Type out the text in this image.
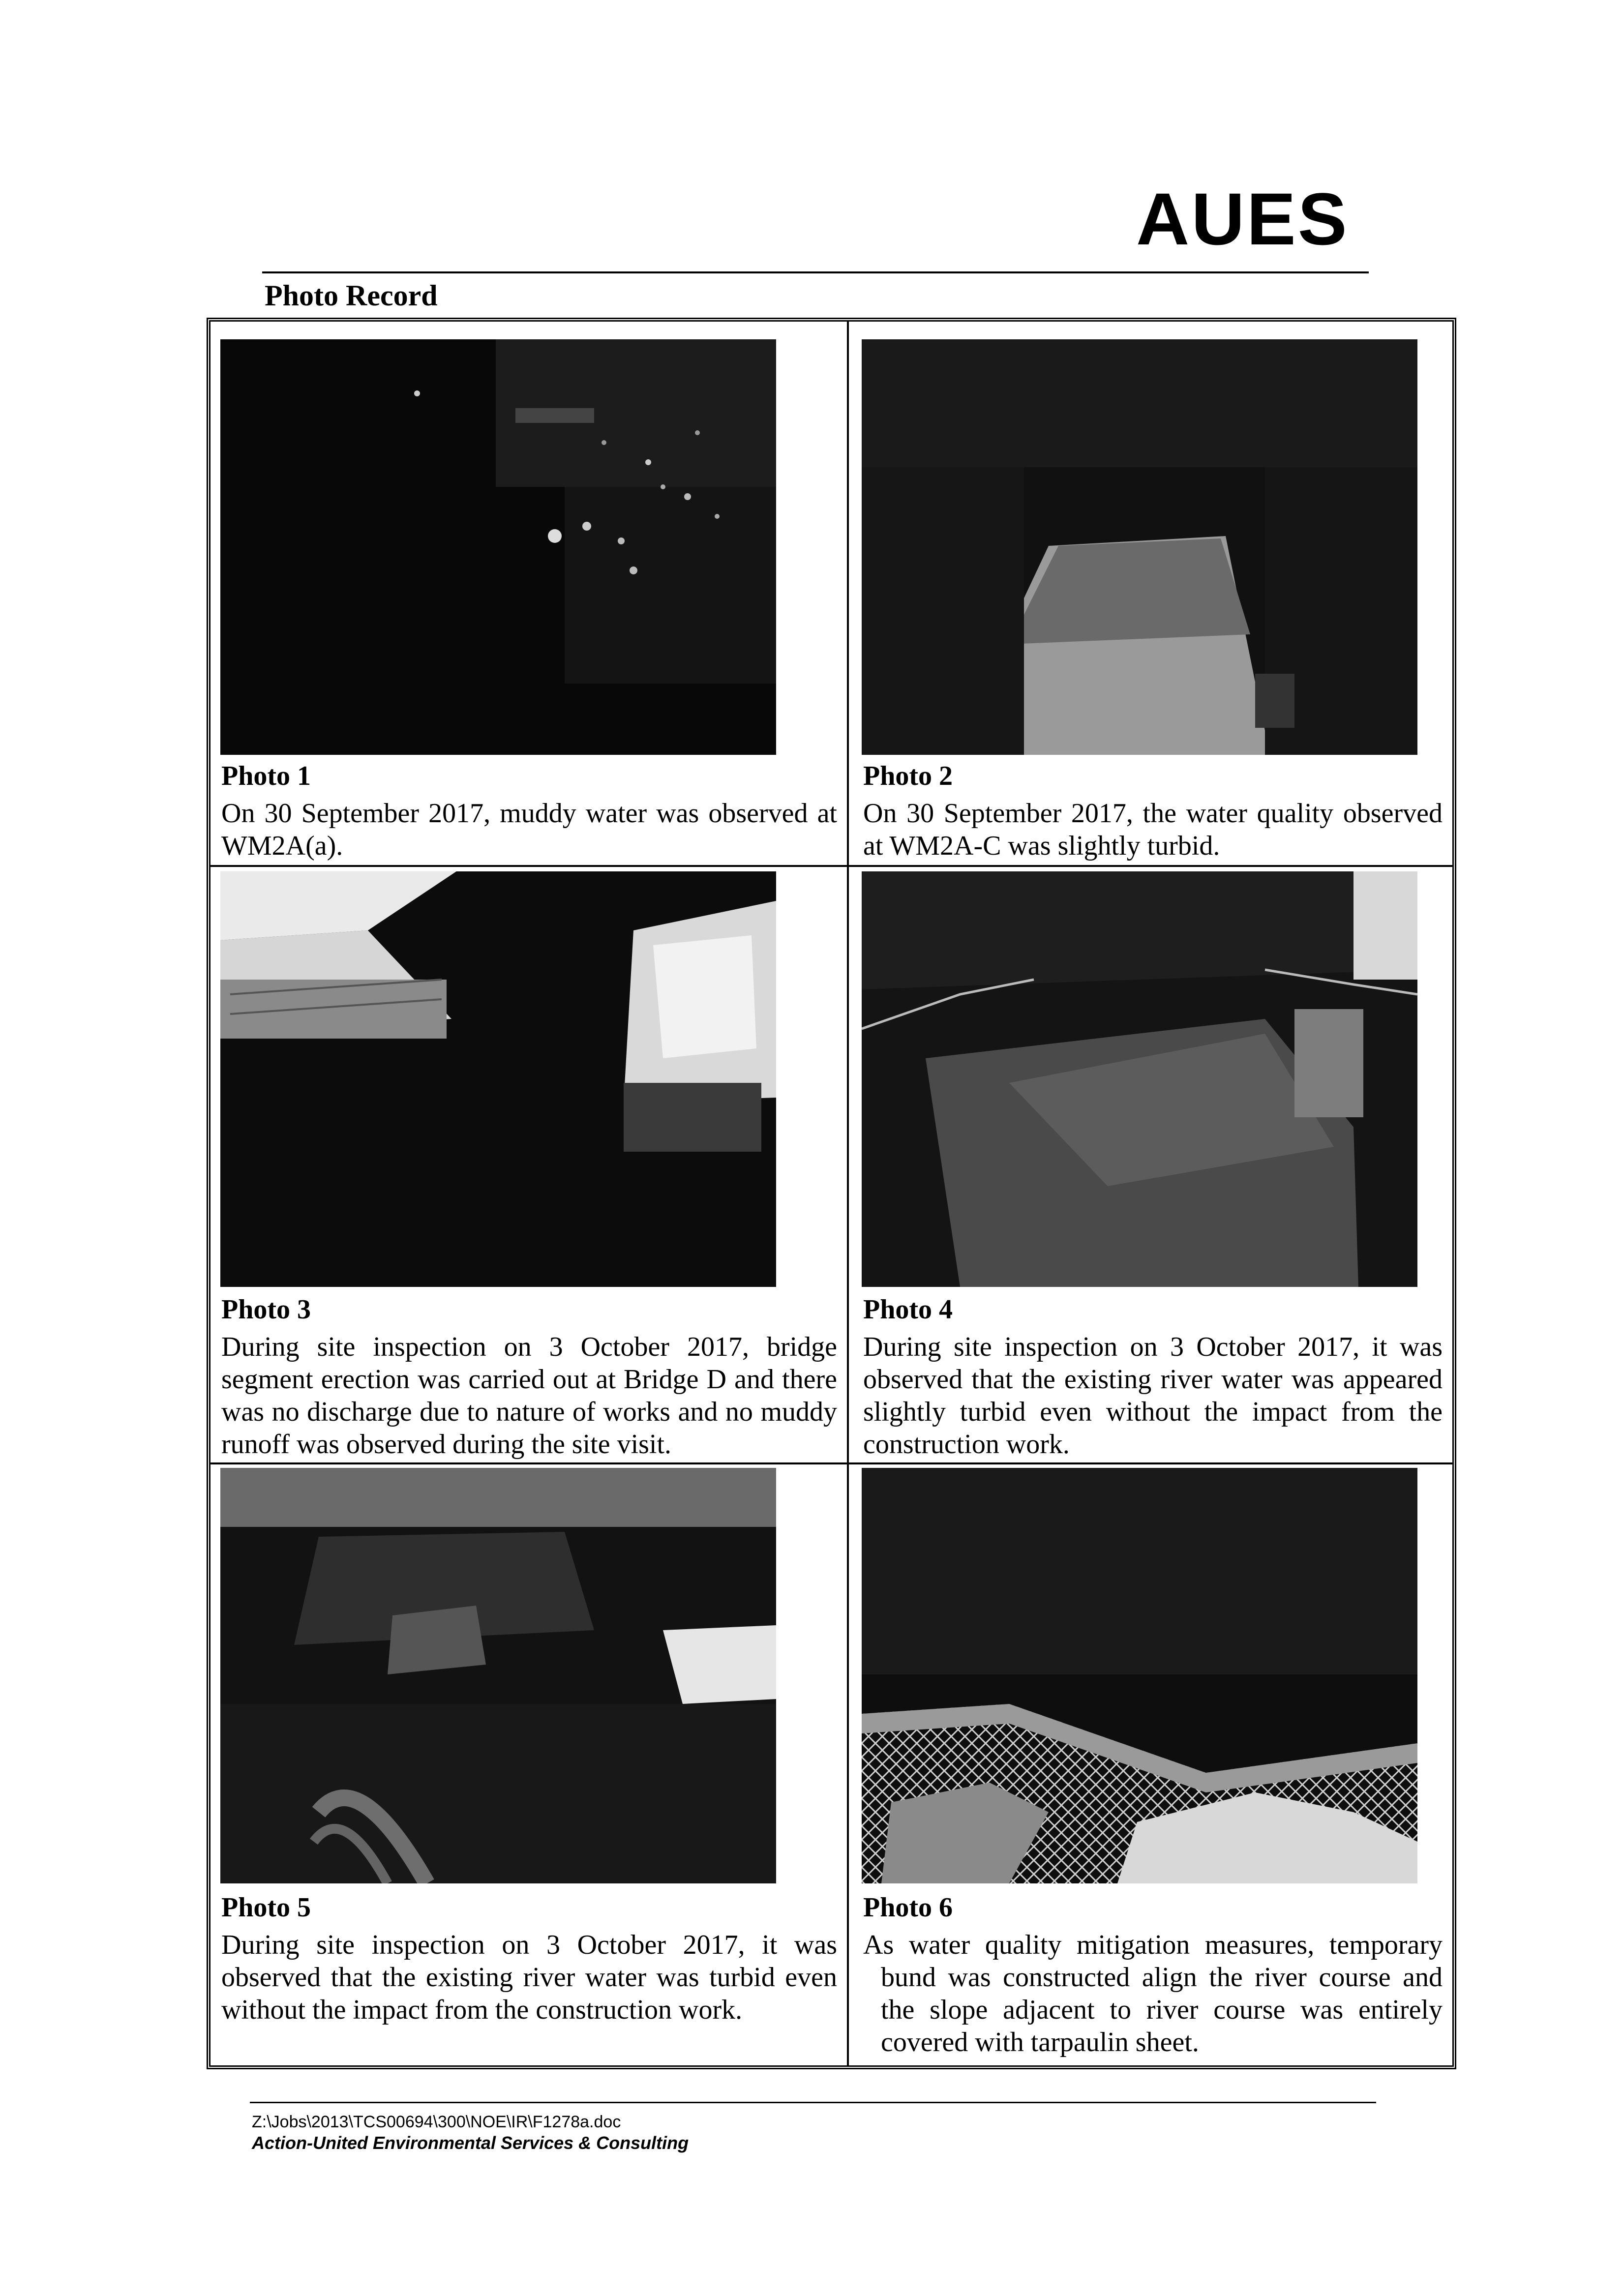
AUES
Photo Record
Photo 1
On 30 September 2017, muddy water was observed at WM2A(a).
Photo 2
On 30 September 2017, the water quality observed at WM2A-C was slightly turbid.
Photo 3
During site inspection on 3 October 2017, bridge segment erection was carried out at Bridge D and there was no discharge due to nature of works and no muddy runoff was observed during the site visit.
Photo 4
During site inspection on 3 October 2017, it was observed that the existing river water was appeared slightly turbid even without the impact from the construction work.
Photo 5
During site inspection on 3 October 2017, it was observed that the existing river water was turbid even without the impact from the construction work.
Photo 6
As water quality mitigation measures, temporary bund was constructed align the river course and the slope adjacent to river course was entirely covered with tarpaulin sheet.
Z:\Jobs\2013\TCS00694\300\NOE\IR\F1278a.doc
Action-United Environmental Services & Consulting
